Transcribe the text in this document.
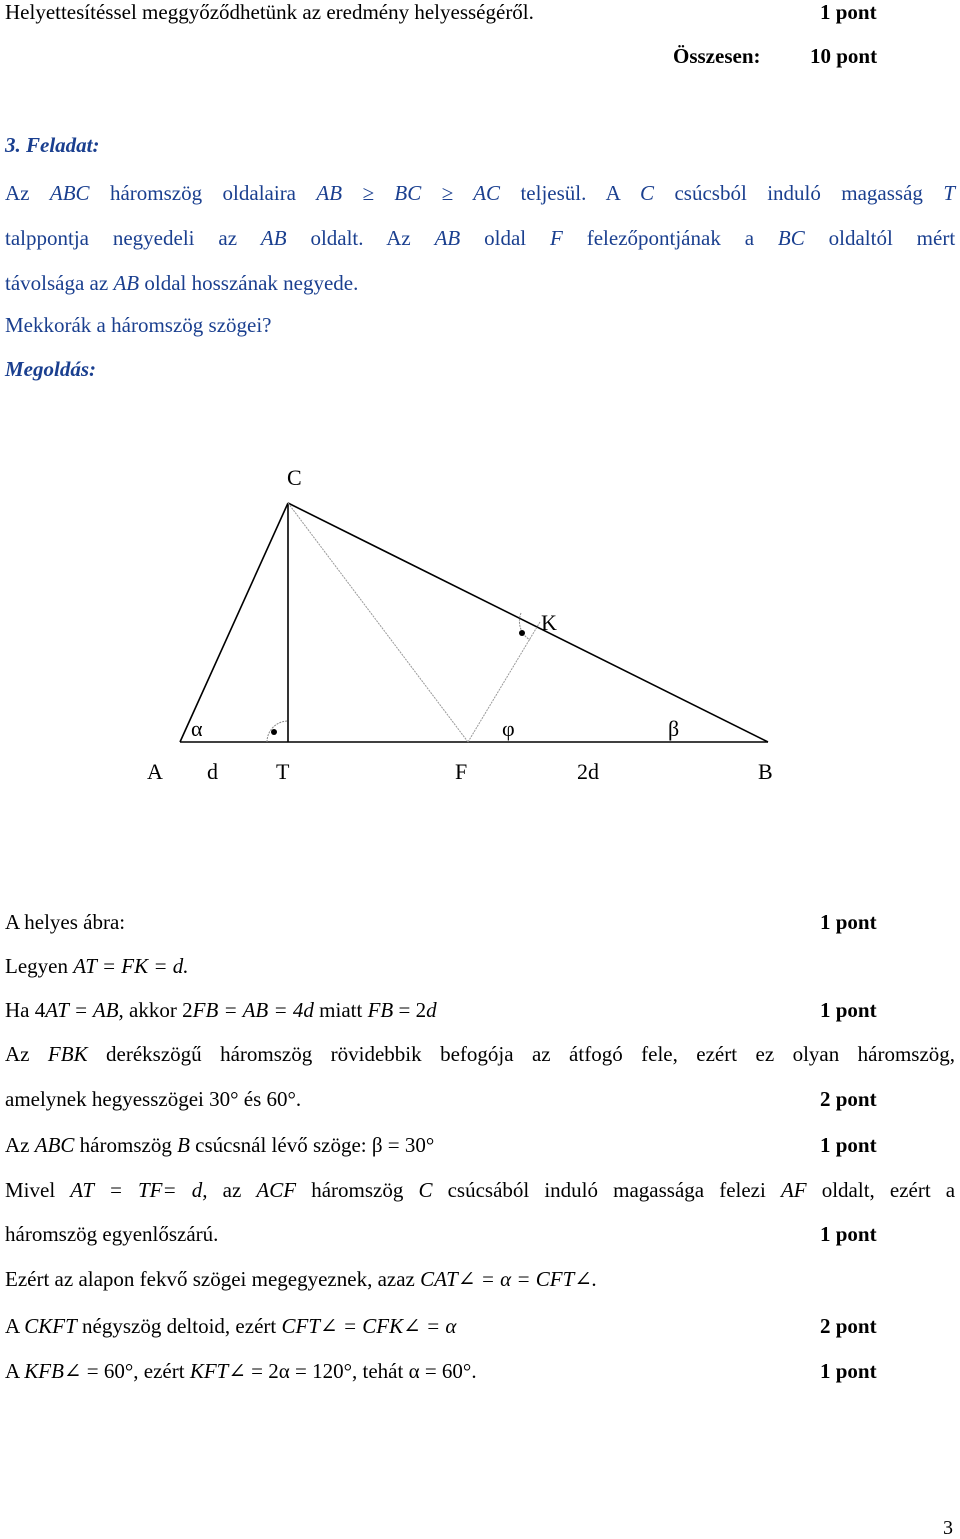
Helyettesítéssel meggyőződhetünk az eredmény helyességéről.	1 pont
Összesen: 10 pont
3. Feladat:
Az ABC háromszög oldalaira AB ≥ BC ≥ AC teljesül. A C csúcsból induló magasság T
talppontja negyedeli az AB oldalt. Az AB oldal F felezőpontjának a BC oldaltól mért
távolsága az AB oldal hosszának negyede.
Mekkorák a háromszög szögei?
Megoldás:
C
K
α	φ	β
A d	T	F	2d	B
A helyes ábra:	1 pont
Legyen AT = FK = d.
Ha 4AT = AB, akkor 2FB = AB = 4d miatt FB = 2d	1 pont
Az FBK derékszögű háromszög rövidebbik befogója az átfogó fele, ezért ez olyan háromszög,
amelynek hegyesszögei 30° és 60°.	2 pont
Az ABC háromszög B csúcsnál lévő szöge: β = 30°	1 pont
Mivel AT = TF= d, az ACF háromszög C csúcsából induló magassága felezi AF oldalt, ezért a
háromszög egyenlőszárú.	1 pont
Ezért az alapon fekvő szögei megegyeznek, azaz CAT∠ = α = CFT∠.
A CKFT négyszög deltoid, ezért CFT∠ = CFK∠ = α	2 pont
A KFB∠ = 60°, ezért KFT∠ = 2α = 120°, tehát α = 60°.	1 pont
3
